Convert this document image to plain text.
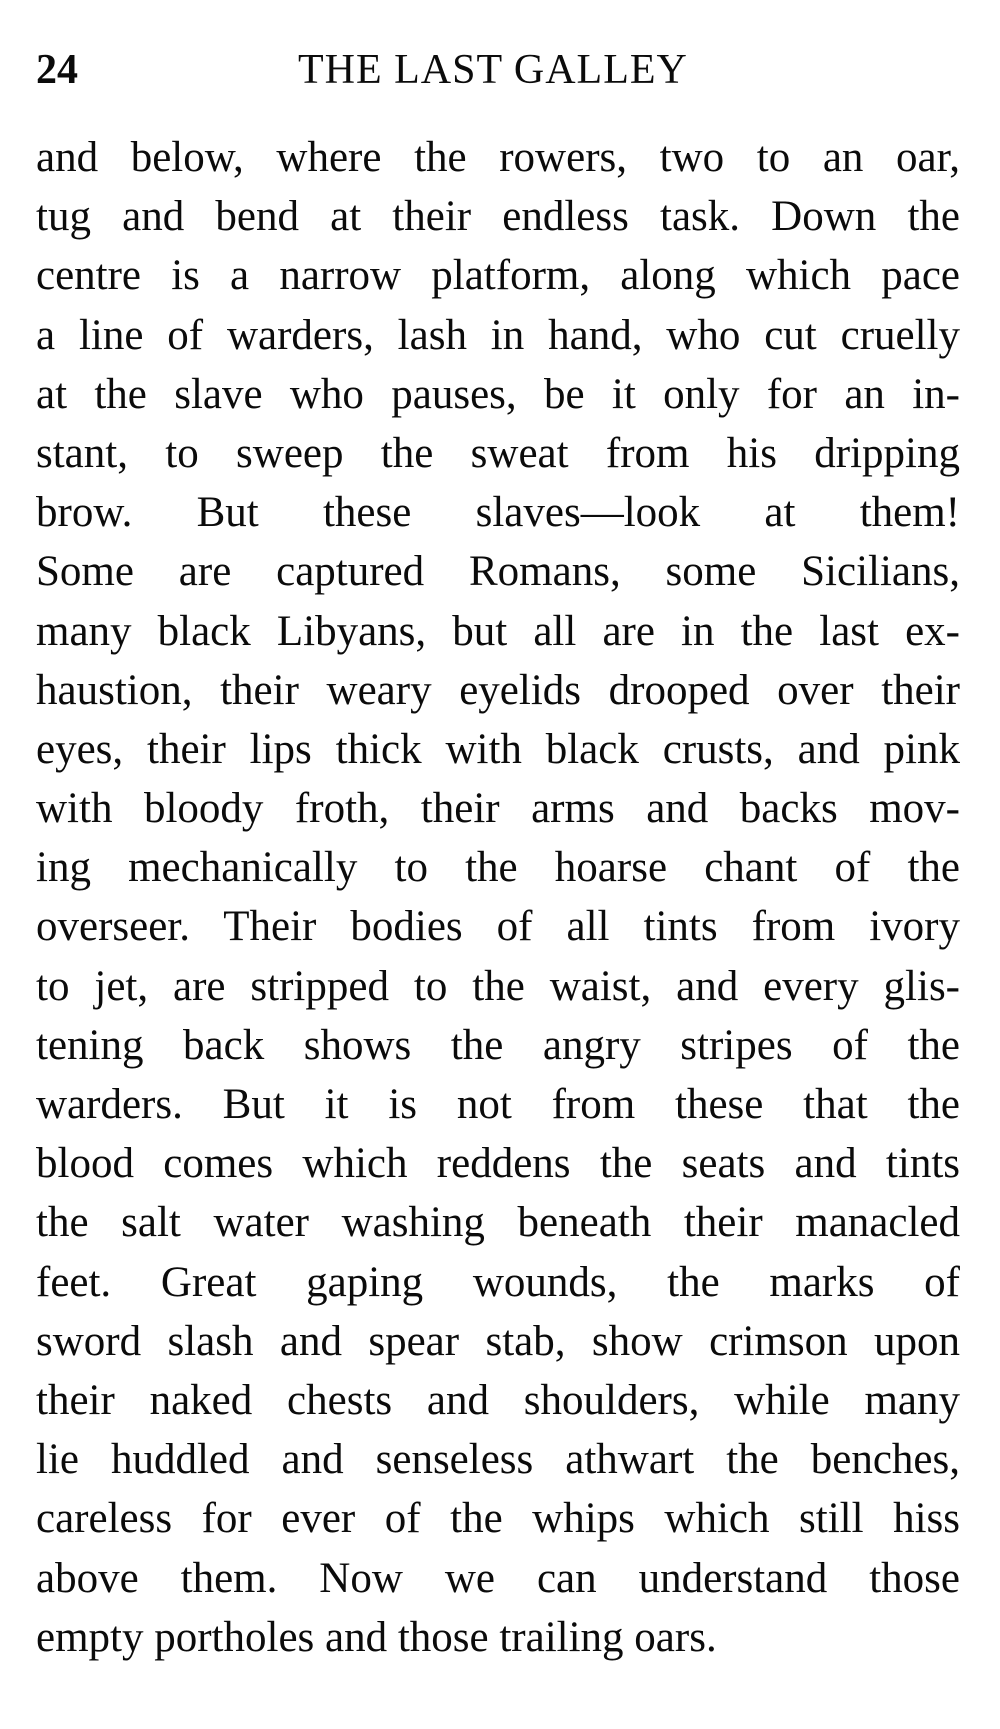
24	THE LAST GALLEY
and below, where the rowers, two to an oar,
tug and bend at their endless task. Down the
centre is a narrow platform, along which pace
a line of warders, lash in hand, who cut cruelly
at the slave who pauses, be it only for an in-
stant, to sweep the sweat from his dripping
brow. But these slaves—look at them!
Some are captured Romans, some Sicilians,
many black Libyans, but all are in the last ex-
haustion, their weary eyelids drooped over their
eyes, their lips thick with black crusts, and pink
with bloody froth, their arms and backs mov-
ing mechanically to the hoarse chant of the
overseer. Their bodies of all tints from ivory
to jet, are stripped to the waist, and every glis-
tening back shows the angry stripes of the
warders. But it is not from these that the
blood comes which reddens the seats and tints
the salt water washing beneath their manacled
feet. Great gaping wounds, the marks of
sword slash and spear stab, show crimson upon
their naked chests and shoulders, while many
lie huddled and senseless athwart the benches,
careless for ever of the whips which still hiss
above them. Now we can understand those
empty portholes and those trailing oars.
